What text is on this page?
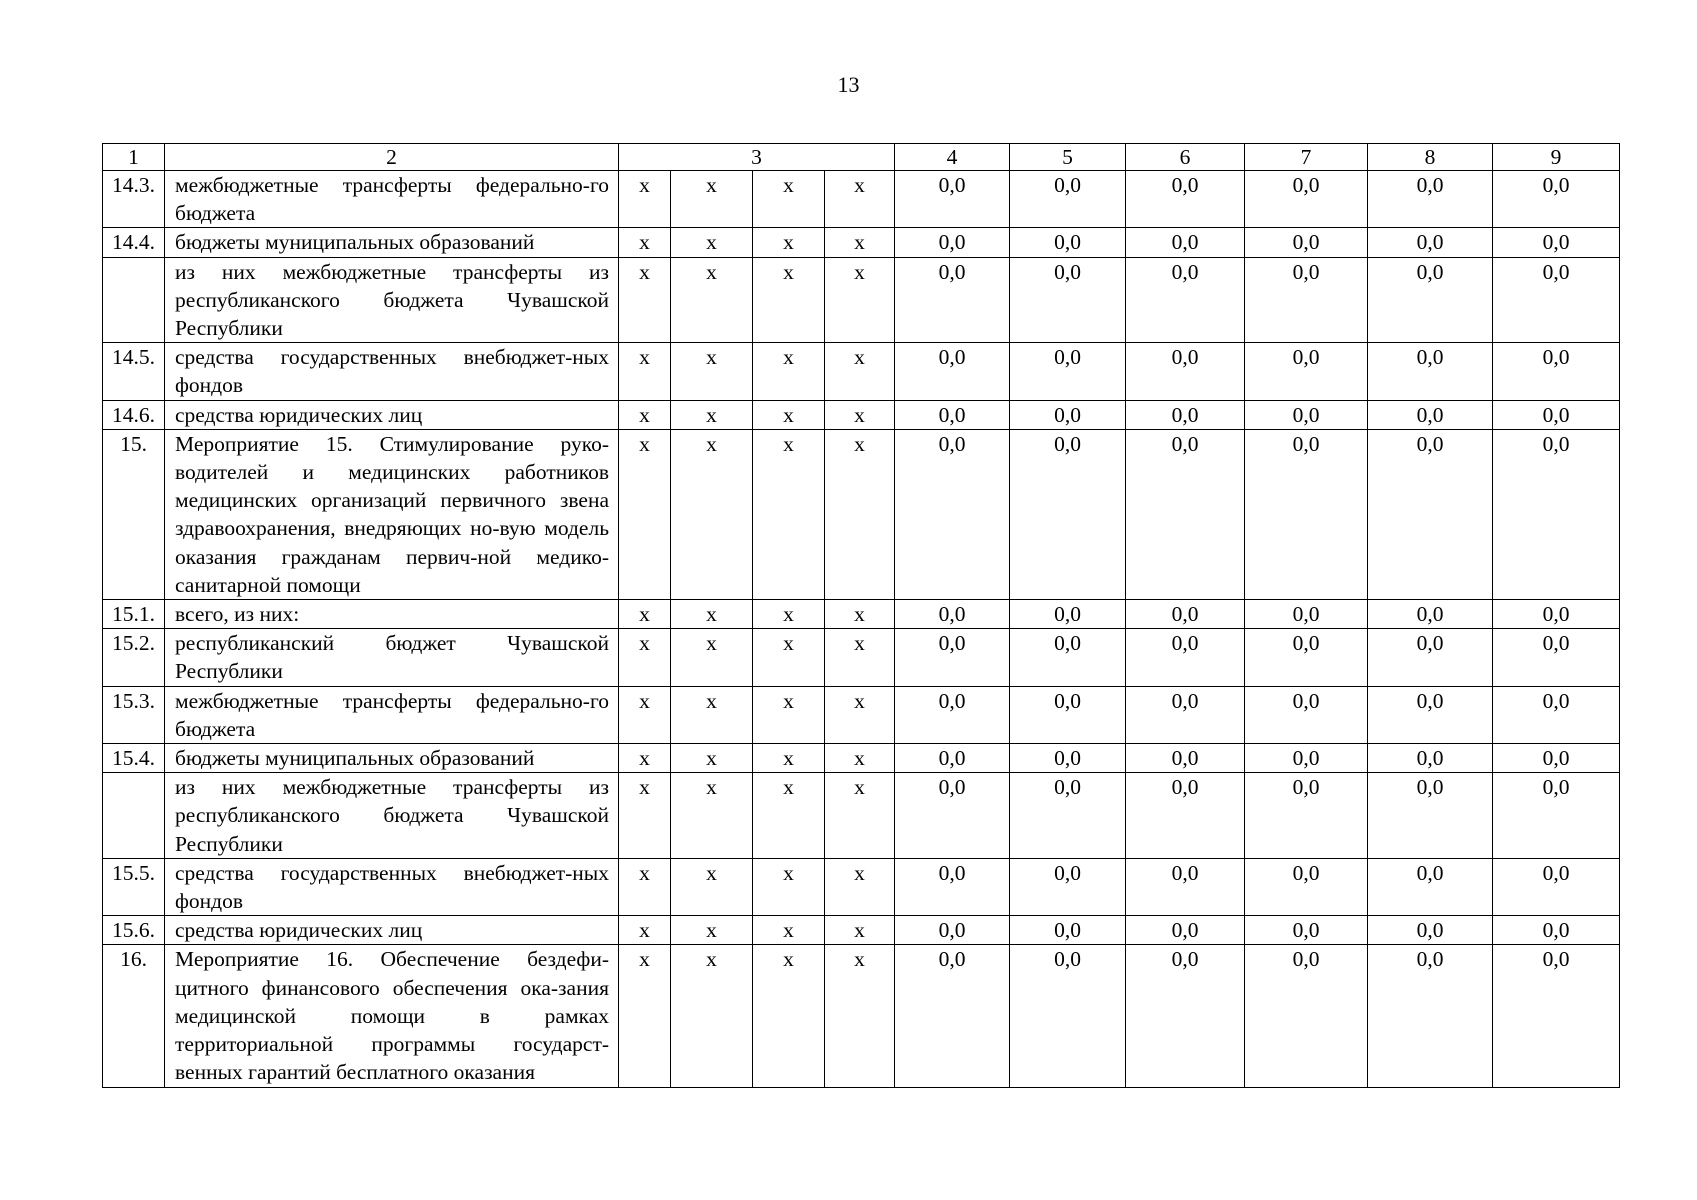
13
1	2	3				4	5	6	7	8	9
14.3.	межбюджетные трансферты федерально-го бюджета	x	x	x	x	0,0	0,0	0,0	0,0	0,0	0,0
14.4.	бюджеты муниципальных образований	x	x	x	x	0,0	0,0	0,0	0,0	0,0	0,0
	из них межбюджетные трансферты из республиканского бюджета Чувашской Республики	x	x	x	x	0,0	0,0	0,0	0,0	0,0	0,0
14.5.	средства государственных внебюджет-ных фондов	x	x	x	x	0,0	0,0	0,0	0,0	0,0	0,0
14.6.	средства юридических лиц	x	x	x	x	0,0	0,0	0,0	0,0	0,0	0,0
15.	Мероприятие 15. Стимулирование руко-водителей и медицинских работников медицинских организаций первичного звена здравоохранения, внедряющих но-вую модель оказания гражданам первич-ной медико-санитарной помощи	x	x	x	x	0,0	0,0	0,0	0,0	0,0	0,0
15.1.	всего, из них:	x	x	x	x	0,0	0,0	0,0	0,0	0,0	0,0
15.2.	республиканский бюджет Чувашской Республики	x	x	x	x	0,0	0,0	0,0	0,0	0,0	0,0
15.3.	межбюджетные трансферты федерально-го бюджета	x	x	x	x	0,0	0,0	0,0	0,0	0,0	0,0
15.4.	бюджеты муниципальных образований	x	x	x	x	0,0	0,0	0,0	0,0	0,0	0,0
	из них межбюджетные трансферты из республиканского бюджета Чувашской Республики	x	x	x	x	0,0	0,0	0,0	0,0	0,0	0,0
15.5.	средства государственных внебюджет-ных фондов	x	x	x	x	0,0	0,0	0,0	0,0	0,0	0,0
15.6.	средства юридических лиц	x	x	x	x	0,0	0,0	0,0	0,0	0,0	0,0
16.	Мероприятие 16. Обеспечение бездефи-цитного финансового обеспечения ока-зания медицинской помощи в рамках территориальной программы государст-венных гарантий бесплатного оказания	x	x	x	x	0,0	0,0	0,0	0,0	0,0	0,0
